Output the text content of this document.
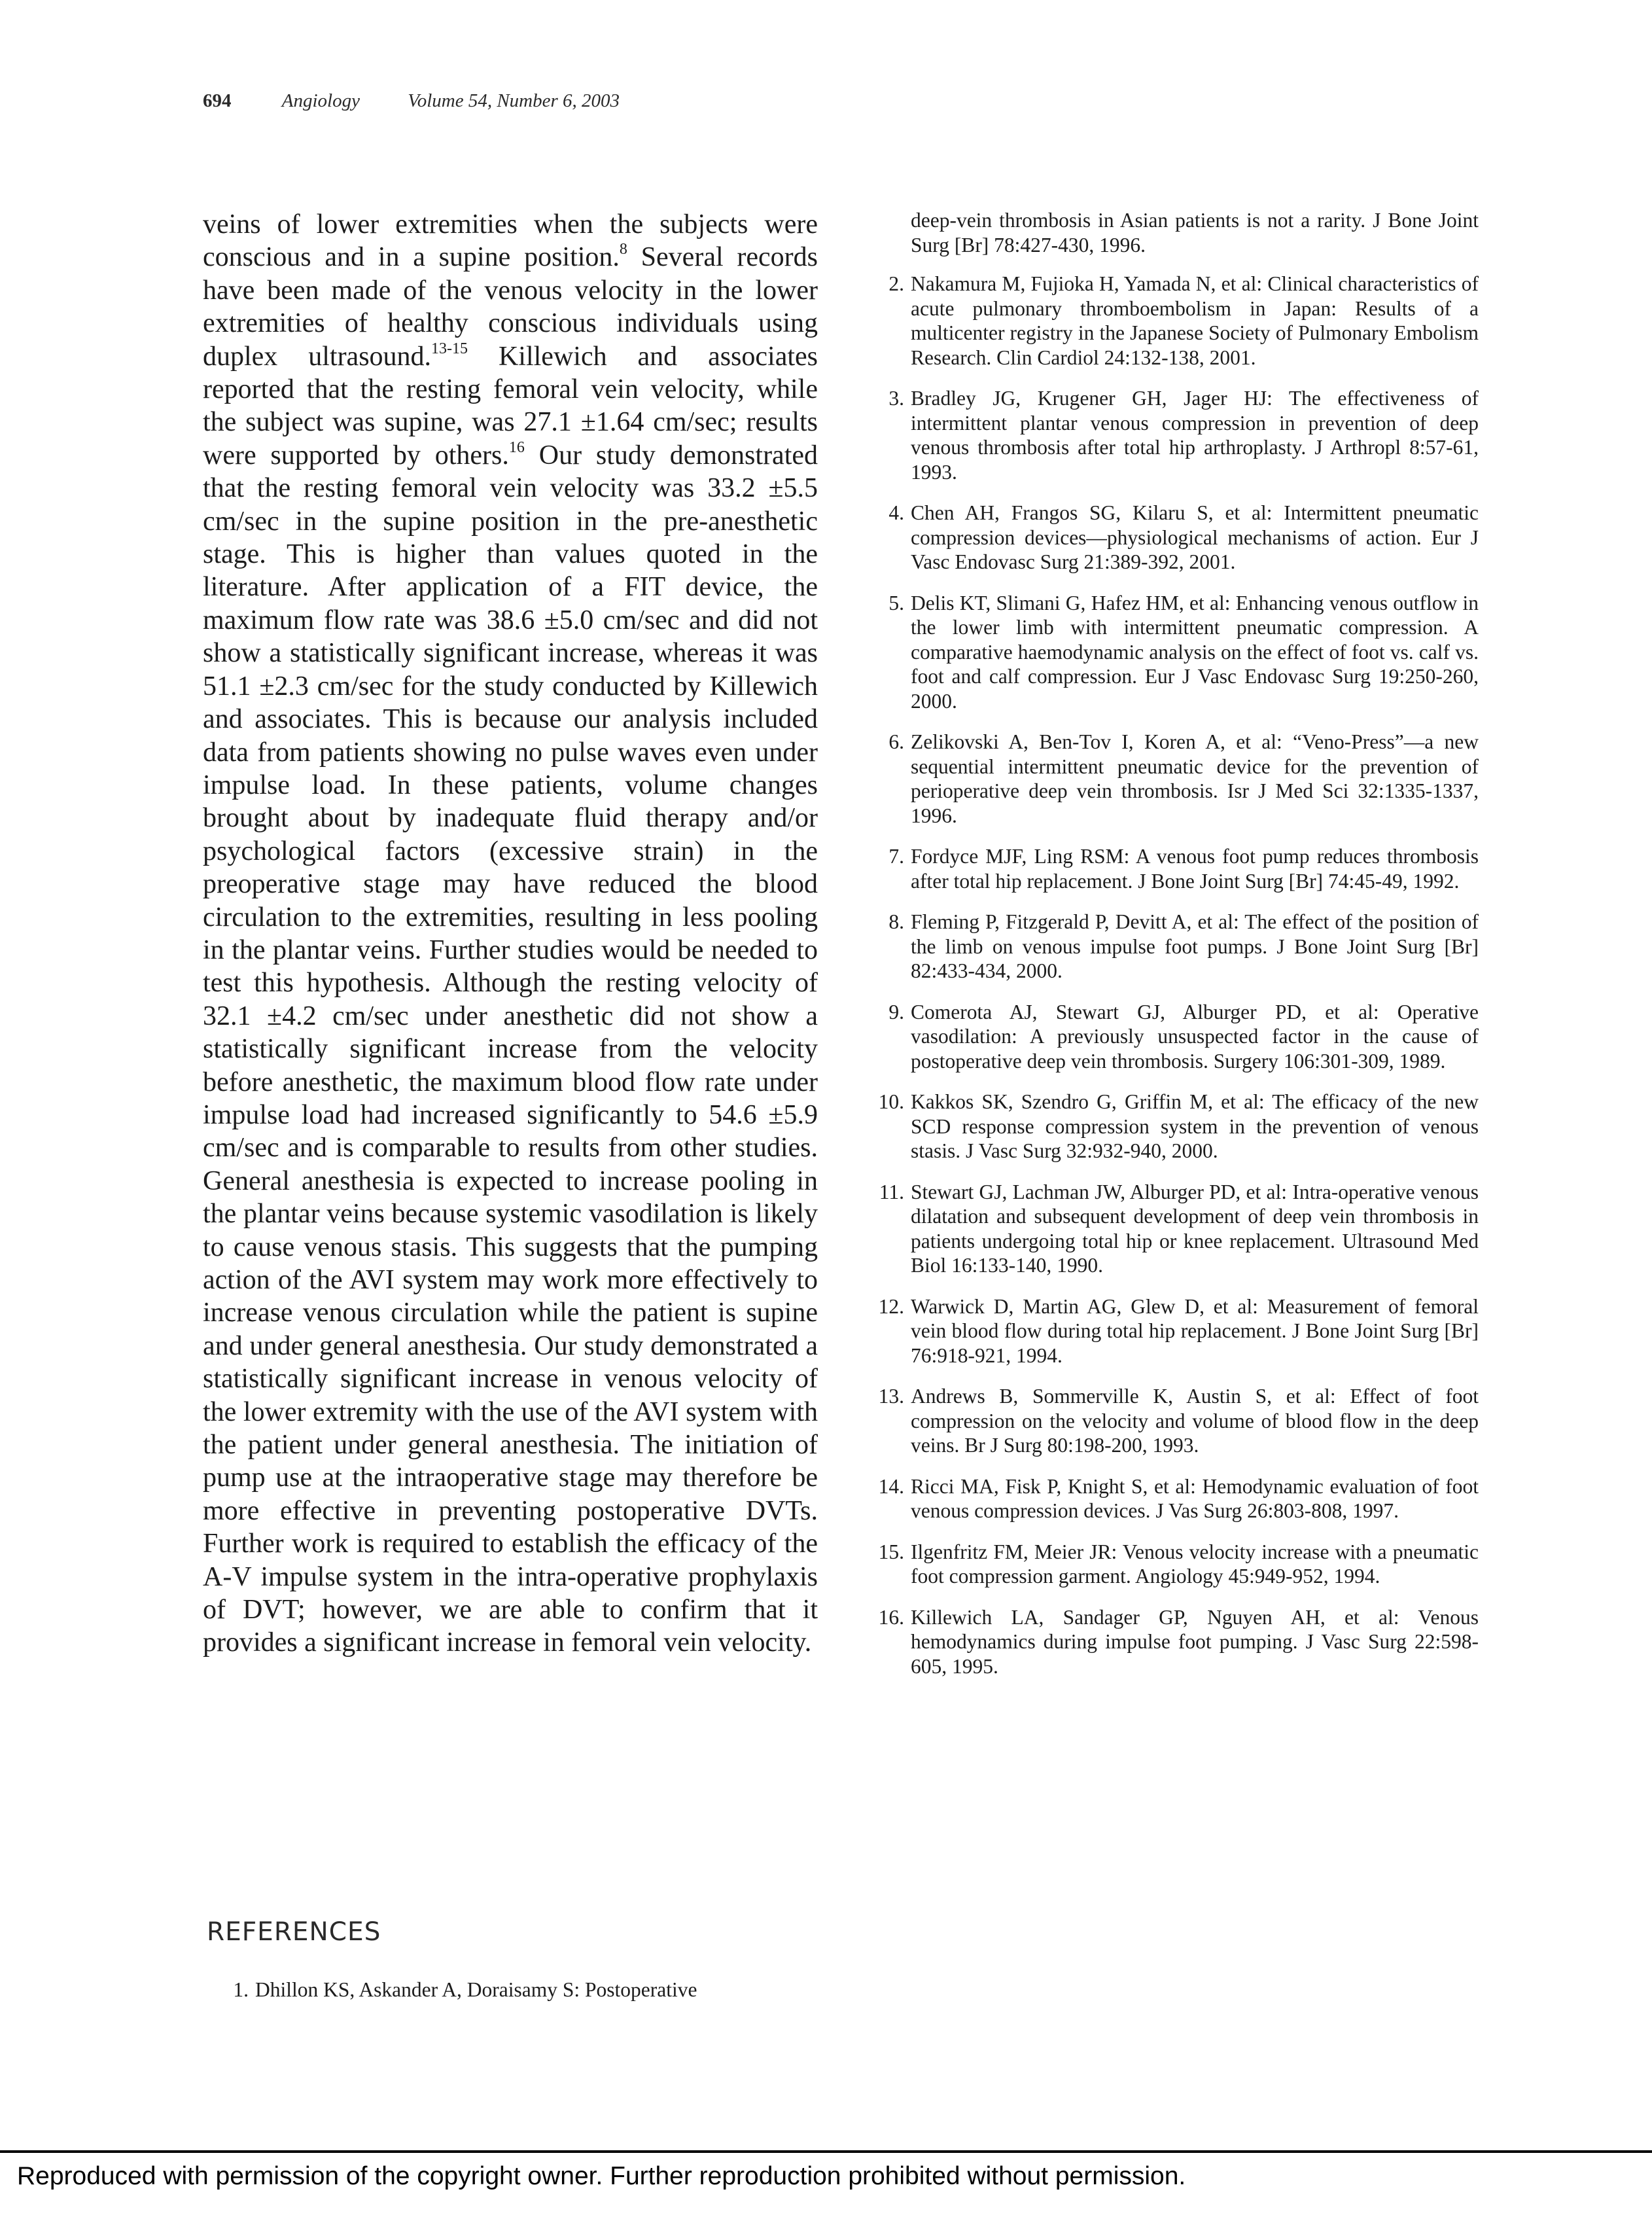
694	Angiology	Volume 54, Number 6, 2003

veins of lower extremities when the subjects were conscious and in a supine position.$^8$ Several records have been made of the venous velocity in the lower extremities of healthy conscious individuals using duplex ultrasound.$^{13-15}$ Killewich and associates reported that the resting femoral vein velocity, while the subject was supine, was 27.1 ±1.64 cm/sec; results were supported by others.$^{16}$ Our study demonstrated that the resting femoral vein velocity was 33.2 ±5.5 cm/sec in the supine position in the pre-anesthetic stage. This is higher than values quoted in the literature. After application of a FIT device, the maximum flow rate was 38.6 ±5.0 cm/sec and did not show a statistically significant increase, whereas it was 51.1 ±2.3 cm/sec for the study conducted by Killewich and associates. This is because our analysis included data from patients showing no pulse waves even under impulse load. In these patients, volume changes brought about by inadequate fluid therapy and/or psychological factors (excessive strain) in the preoperative stage may have reduced the blood circulation to the extremities, resulting in less pooling in the plantar veins. Further studies would be needed to test this hypothesis. Although the resting velocity of 32.1 ±4.2 cm/sec under anesthetic did not show a statistically significant increase from the velocity before anesthetic, the maximum blood flow rate under impulse load had increased significantly to 54.6 ±5.9 cm/sec and is comparable to results from other studies. General anesthesia is expected to increase pooling in the plantar veins because systemic vasodilation is likely to cause venous stasis. This suggests that the pumping action of the AVI system may work more effectively to increase venous circulation while the patient is supine and under general anesthesia. Our study demonstrated a statistically significant increase in venous velocity of the lower extremity with the use of the AVI system with the patient under general anesthesia. The initiation of pump use at the intraoperative stage may therefore be more effective in preventing postoperative DVTs. Further work is required to establish the efficacy of the A-V impulse system in the intra-operative prophylaxis of DVT; however, we are able to confirm that it provides a significant increase in femoral vein velocity.

REFERENCES
1. Dhillon KS, Askander A, Doraisamy S: Postoperative

deep-vein thrombosis in Asian patients is not a rarity. J Bone Joint Surg [Br] 78:427-430, 1996.

2. Nakamura M, Fujioka H, Yamada N, et al: Clinical characteristics of acute pulmonary thromboembolism in Japan: Results of a multicenter registry in the Japanese Society of Pulmonary Embolism Research. Clin Cardiol 24:132-138, 2001.
3. Bradley JG, Krugener GH, Jager HJ: The effectiveness of intermittent plantar venous compression in prevention of deep venous thrombosis after total hip arthroplasty. J Arthropl 8:57-61, 1993.
4. Chen AH, Frangos SG, Kilaru S, et al: Intermittent pneumatic compression devices—physiological mechanisms of action. Eur J Vasc Endovasc Surg 21:389-392, 2001.
5. Delis KT, Slimani G, Hafez HM, et al: Enhancing venous outflow in the lower limb with intermittent pneumatic compression. A comparative haemodynamic analysis on the effect of foot vs. calf vs. foot and calf compression. Eur J Vasc Endovasc Surg 19:250-260, 2000.
6. Zelikovski A, Ben-Tov I, Koren A, et al: “Veno-Press”—a new sequential intermittent pneumatic device for the prevention of perioperative deep vein thrombosis. Isr J Med Sci 32:1335-1337, 1996.
7. Fordyce MJF, Ling RSM: A venous foot pump reduces thrombosis after total hip replacement. J Bone Joint Surg [Br] 74:45-49, 1992.
8. Fleming P, Fitzgerald P, Devitt A, et al: The effect of the position of the limb on venous impulse foot pumps. J Bone Joint Surg [Br] 82:433-434, 2000.
9. Comerota AJ, Stewart GJ, Alburger PD, et al: Operative vasodilation: A previously unsuspected factor in the cause of postoperative deep vein thrombosis. Surgery 106:301-309, 1989.
10. Kakkos SK, Szendro G, Griffin M, et al: The efficacy of the new SCD response compression system in the prevention of venous stasis. J Vasc Surg 32:932-940, 2000.
11. Stewart GJ, Lachman JW, Alburger PD, et al: Intra-operative venous dilatation and subsequent development of deep vein thrombosis in patients undergoing total hip or knee replacement. Ultrasound Med Biol 16:133-140, 1990.
12. Warwick D, Martin AG, Glew D, et al: Measurement of femoral vein blood flow during total hip replacement. J Bone Joint Surg [Br] 76:918-921, 1994.
13. Andrews B, Sommerville K, Austin S, et al: Effect of foot compression on the velocity and volume of blood flow in the deep veins. Br J Surg 80:198-200, 1993.
14. Ricci MA, Fisk P, Knight S, et al: Hemodynamic evaluation of foot venous compression devices. J Vas Surg 26:803-808, 1997.
15. Ilgenfritz FM, Meier JR: Venous velocity increase with a pneumatic foot compression garment. Angiology 45:949-952, 1994.
16. Killewich LA, Sandager GP, Nguyen AH, et al: Venous hemodynamics during impulse foot pumping. J Vasc Surg 22:598-605, 1995.
Reproduced with permission of the copyright owner. Further reproduction prohibited without permission.
